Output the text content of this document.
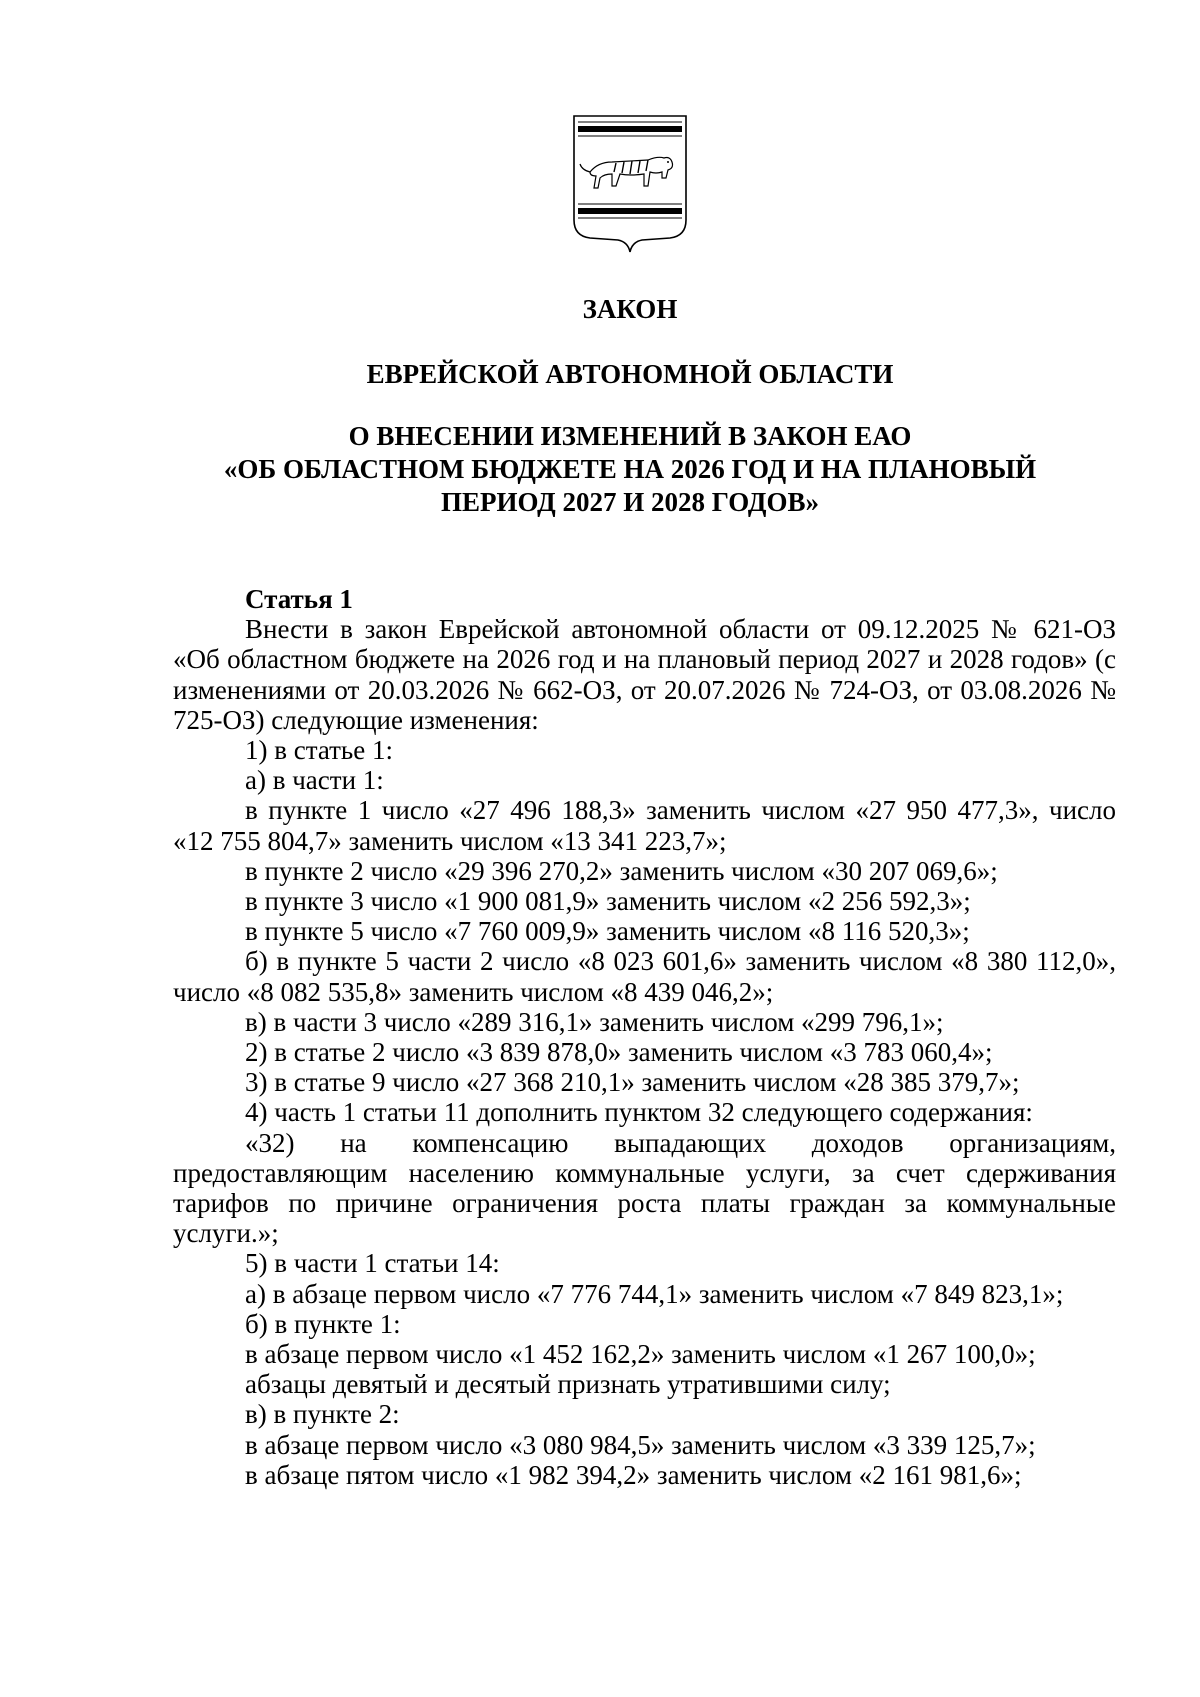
ЗАКОН
ЕВРЕЙСКОЙ АВТОНОМНОЙ ОБЛАСТИ
О ВНЕСЕНИИ ИЗМЕНЕНИЙ В ЗАКОН ЕАО
«ОБ ОБЛАСТНОМ БЮДЖЕТЕ НА 2026 ГОД И НА ПЛАНОВЫЙ
ПЕРИОД 2027 И 2028 ГОДОВ»
Статья 1
Внести в закон Еврейской автономной области от 09.12.2025 № 621-ОЗ «Об областном бюджете на 2026 год и на плановый период 2027 и 2028 годов» (с изменениями от 20.03.2026 № 662-ОЗ, от 20.07.2026 № 724-ОЗ, от 03.08.2026 № 725-ОЗ) следующие изменения:
1) в статье 1:
а) в части 1:
в пункте 1 число «27 496 188,3» заменить числом «27 950 477,3», число «12 755 804,7» заменить числом «13 341 223,7»;
в пункте 2 число «29 396 270,2» заменить числом «30 207 069,6»;
в пункте 3 число «1 900 081,9» заменить числом «2 256 592,3»;
в пункте 5 число «7 760 009,9» заменить числом «8 116 520,3»;
б) в пункте 5 части 2 число «8 023 601,6» заменить числом «8 380 112,0», число «8 082 535,8» заменить числом «8 439 046,2»;
в) в части 3 число «289 316,1» заменить числом «299 796,1»;
2) в статье 2 число «3 839 878,0» заменить числом «3 783 060,4»;
3) в статье 9 число «27 368 210,1» заменить числом «28 385 379,7»;
4) часть 1 статьи 11 дополнить пунктом 32 следующего содержания:
«32) на компенсацию выпадающих доходов организациям, предоставляющим населению коммунальные услуги, за счет сдерживания тарифов по причине ограничения роста платы граждан за коммунальные услуги.»;
5) в части 1 статьи 14:
а) в абзаце первом число «7 776 744,1» заменить числом «7 849 823,1»;
б) в пункте 1:
в абзаце первом число «1 452 162,2» заменить числом «1 267 100,0»;
абзацы девятый и десятый признать утратившими силу;
в) в пункте 2:
в абзаце первом число «3 080 984,5» заменить числом «3 339 125,7»;
в абзаце пятом число «1 982 394,2» заменить числом «2 161 981,6»;
